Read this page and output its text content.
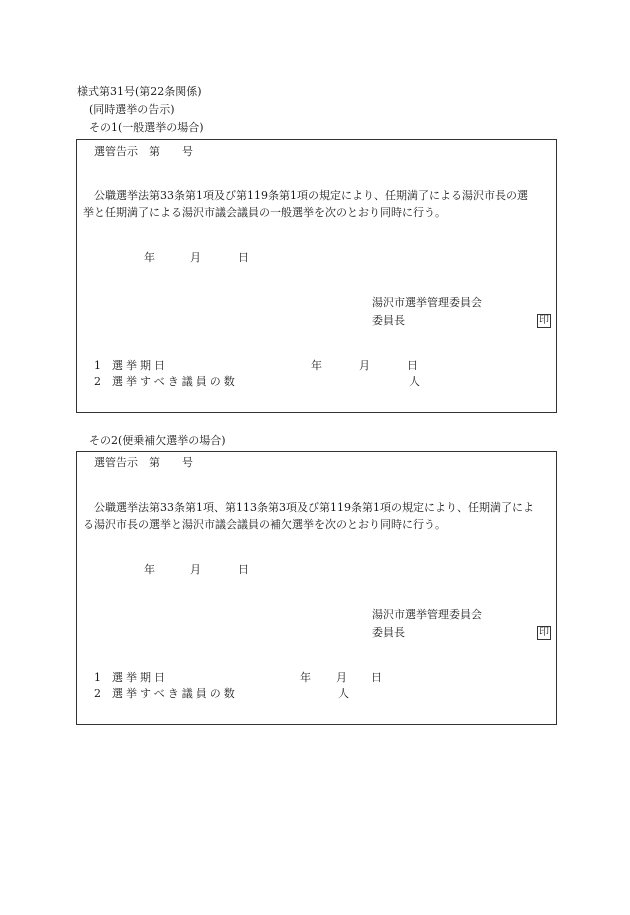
様式第31号(第22条関係)
(同時選挙の告示)
その1(一般選挙の場合)
選管告示　第　　号
公職選挙法第33条第1項及び第119条第1項の規定により、任期満了による湯沢市長の選
挙と任期満了による湯沢市議会議員の一般選挙を次のとおり同時に行う。
年	月	日
湯沢市選挙管理委員会
委員長	印
1 選挙期日	年	月	日
2 選挙すべき議員の数	人
その2(便乗補欠選挙の場合)
選管告示　第　　号
公職選挙法第33条第1項、第113条第3項及び第119条第1項の規定により、任期満了によ
る湯沢市長の選挙と湯沢市議会議員の補欠選挙を次のとおり同時に行う。
年	月	日
湯沢市選挙管理委員会
委員長	印
1 選挙期日	年 月 日
2 選挙すべき議員の数	人
